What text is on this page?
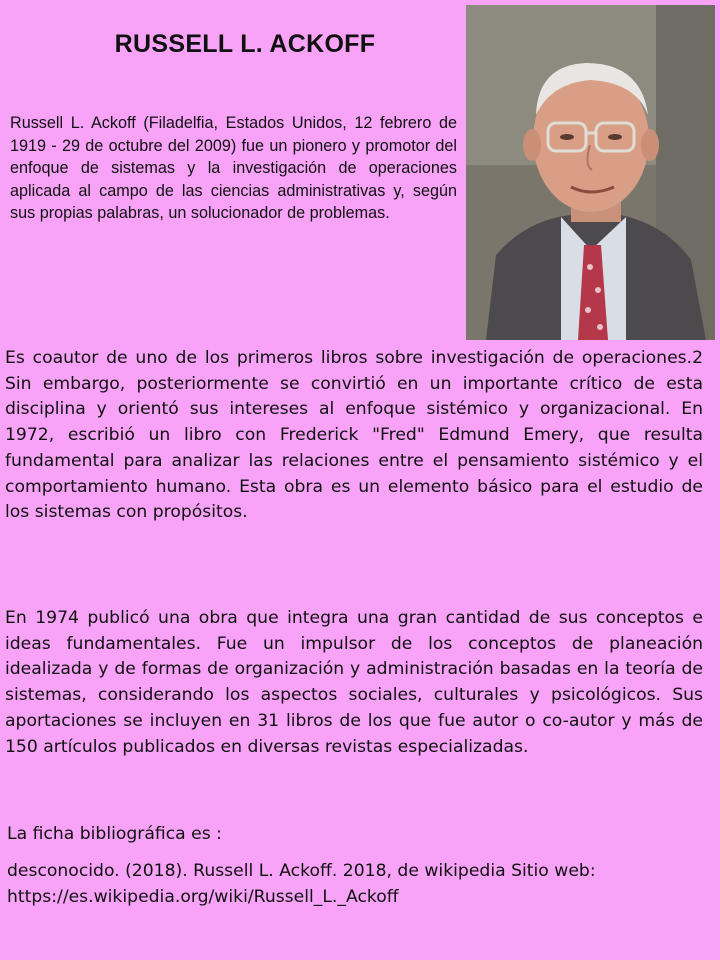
RUSSELL L. ACKOFF
Russell L. Ackoff (Filadelfia, Estados Unidos, 12 febrero de 1919 - 29 de octubre del 2009) fue un pionero y promotor del enfoque de sistemas y la investigación de operaciones aplicada al campo de las ciencias administrativas y, según sus propias palabras, un solucionador de problemas.
Es coautor de uno de los primeros libros sobre investigación de operaciones.2 Sin embargo, posteriormente se convirtió en un importante crítico de esta disciplina y orientó sus intereses al enfoque sistémico y organizacional. En 1972, escribió un libro con Frederick "Fred" Edmund Emery, que resulta fundamental para analizar las relaciones entre el pensamiento sistémico y el comportamiento humano. Esta obra es un elemento básico para el estudio de los sistemas con propósitos.
En 1974 publicó una obra que integra una gran cantidad de sus conceptos e ideas fundamentales. Fue un impulsor de los conceptos de planeación idealizada y de formas de organización y administración basadas en la teoría de sistemas, considerando los aspectos sociales, culturales y psicológicos. Sus aportaciones se incluyen en 31 libros de los que fue autor o co-autor y más de 150 artículos publicados en diversas revistas especializadas.
La ficha bibliográfica es :
desconocido. (2018). Russell L. Ackoff. 2018, de wikipedia Sitio web: https://es.wikipedia.org/wiki/Russell_L._Ackoff
